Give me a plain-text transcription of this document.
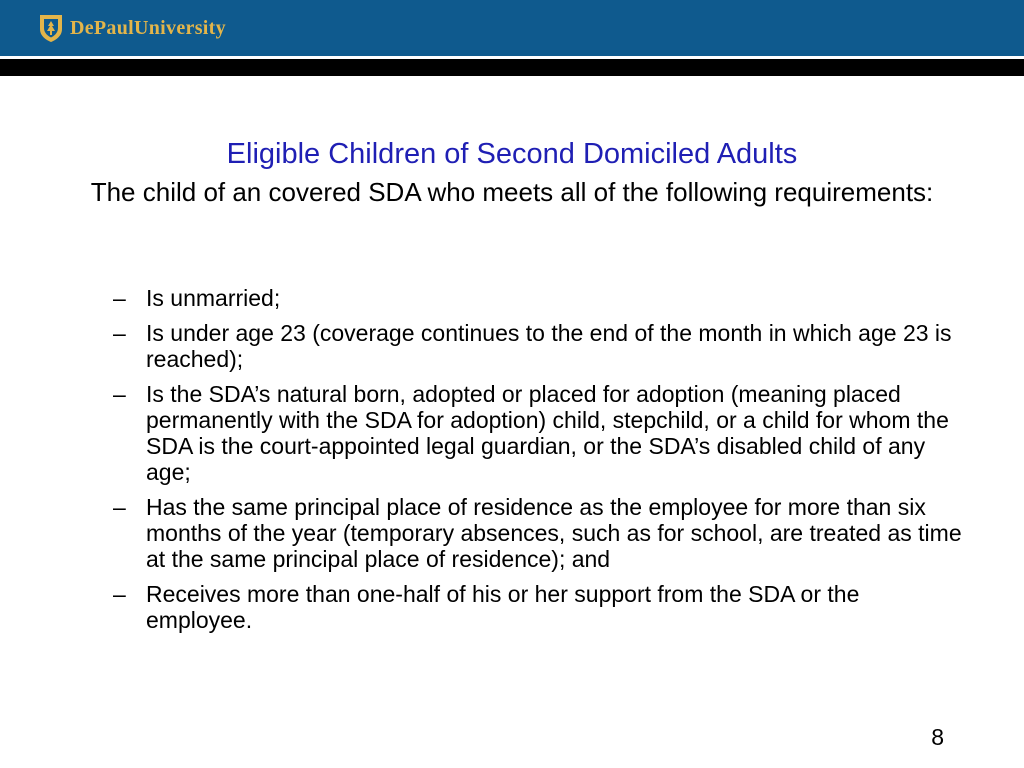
DePaulUniversity
Eligible Children of Second Domiciled Adults
The child of an covered SDA who meets all of the following requirements:
– Is unmarried;
– Is under age 23 (coverage continues to the end of the month in which age 23 is reached);
– Is the SDA’s natural born, adopted or placed for adoption (meaning placed permanently with the SDA for adoption) child, stepchild, or a child for whom the SDA is the court-appointed legal guardian, or the SDA’s disabled child of any age;
– Has the same principal place of residence as the employee for more than six months of the year (temporary absences, such as for school, are treated as time at the same principal place of residence); and
– Receives more than one-half of his or her support from the SDA or the employee.
8
